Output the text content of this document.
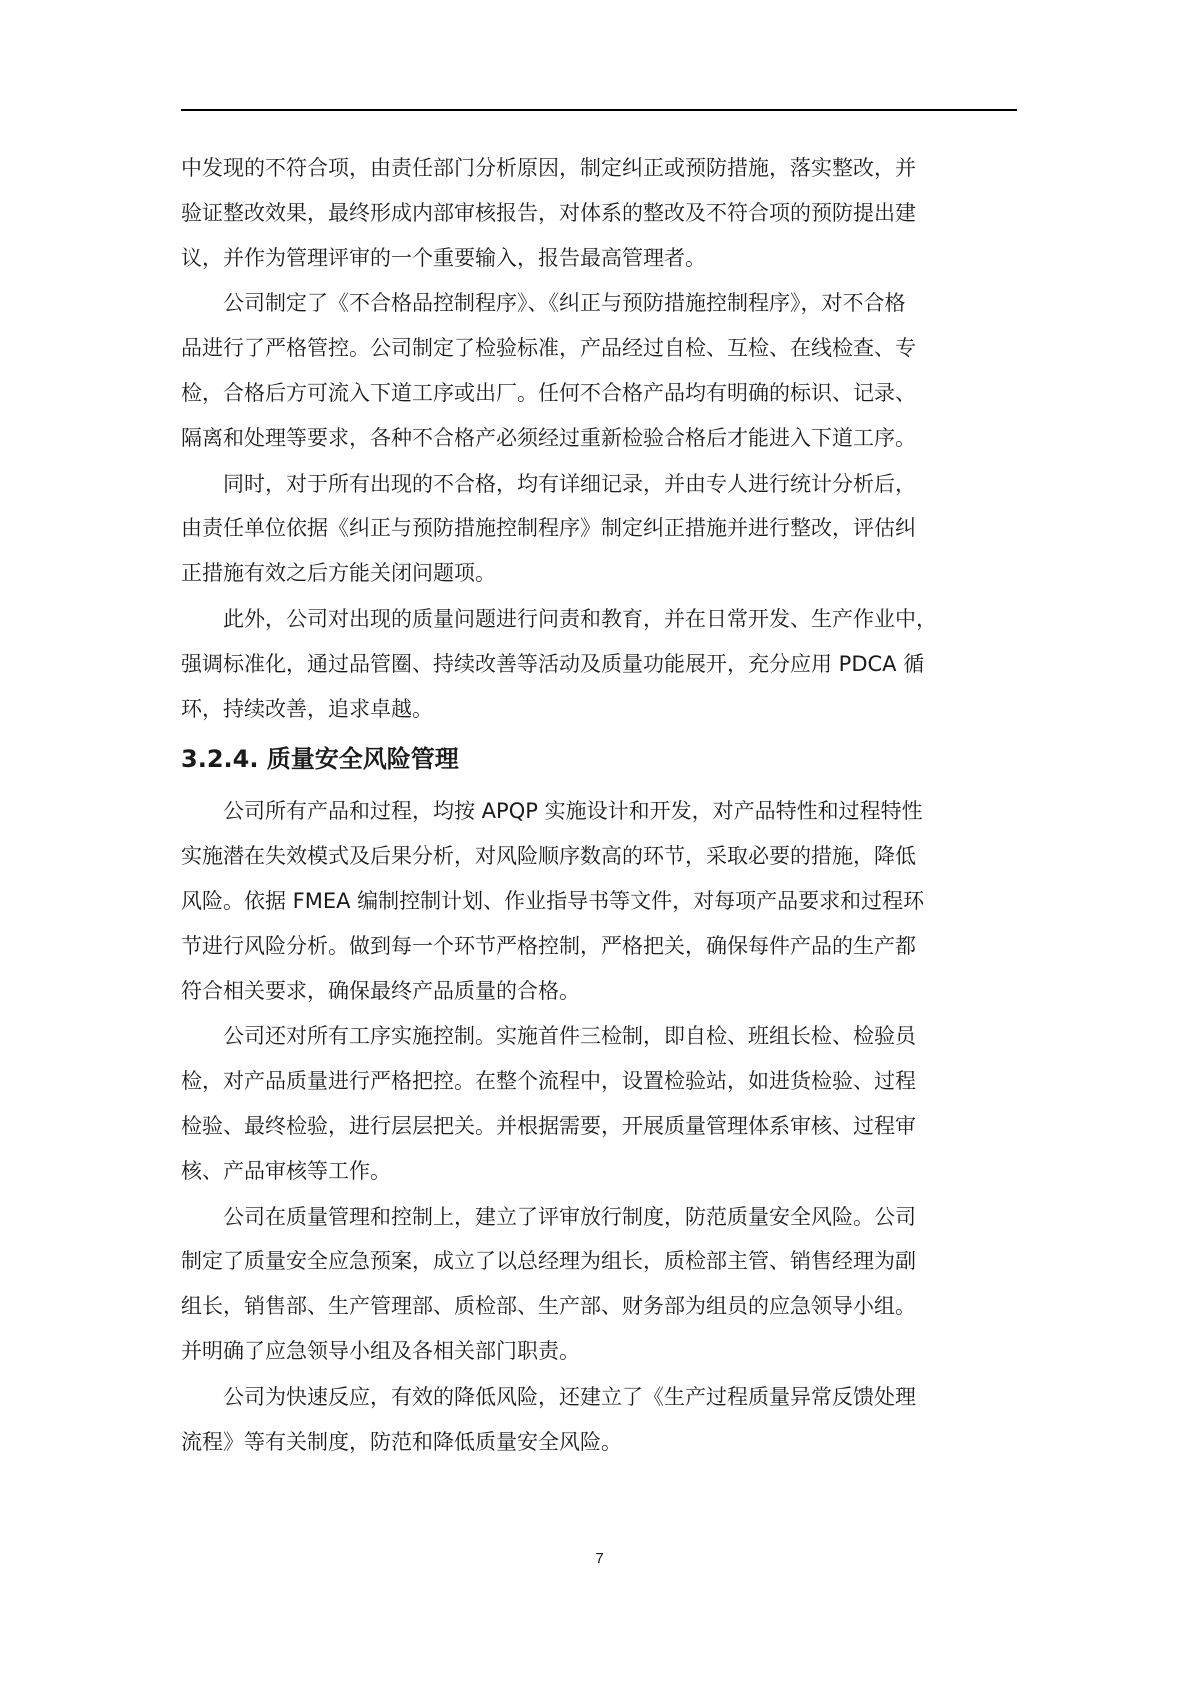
中发现的不符合项，由责任部门分析原因，制定纠正或预防措施，落实整改，并
验证整改效果，最终形成内部审核报告，对体系的整改及不符合项的预防提出建
议，并作为管理评审的一个重要输入，报告最高管理者。

公司制定了《不合格品控制程序》、《纠正与预防措施控制程序》，对不合格
品进行了严格管控。公司制定了检验标准，产品经过自检、互检、在线检查、专
检，合格后方可流入下道工序或出厂。任何不合格产品均有明确的标识、记录、
隔离和处理等要求，各种不合格产必须经过重新检验合格后才能进入下道工序。

同时，对于所有出现的不合格，均有详细记录，并由专人进行统计分析后，
由责任单位依据《纠正与预防措施控制程序》制定纠正措施并进行整改，评估纠
正措施有效之后方能关闭问题项。

此外，公司对出现的质量问题进行问责和教育，并在日常开发、生产作业中，
强调标准化，通过品管圈、持续改善等活动及质量功能展开，充分应用 PDCA 循
环，持续改善，追求卓越。

3.2.4. 质量安全风险管理

公司所有产品和过程，均按 APQP 实施设计和开发，对产品特性和过程特性
实施潜在失效模式及后果分析，对风险顺序数高的环节，采取必要的措施，降低
风险。依据 FMEA 编制控制计划、作业指导书等文件，对每项产品要求和过程环
节进行风险分析。做到每一个环节严格控制，严格把关，确保每件产品的生产都
符合相关要求，确保最终产品质量的合格。

公司还对所有工序实施控制。实施首件三检制，即自检、班组长检、检验员
检，对产品质量进行严格把控。在整个流程中，设置检验站，如进货检验、过程
检验、最终检验，进行层层把关。并根据需要，开展质量管理体系审核、过程审
核、产品审核等工作。

公司在质量管理和控制上，建立了评审放行制度，防范质量安全风险。公司
制定了质量安全应急预案，成立了以总经理为组长，质检部主管、销售经理为副
组长，销售部、生产管理部、质检部、生产部、财务部为组员的应急领导小组。
并明确了应急领导小组及各相关部门职责。

公司为快速反应，有效的降低风险，还建立了《生产过程质量异常反馈处理
流程》等有关制度，防范和降低质量安全风险。

7
